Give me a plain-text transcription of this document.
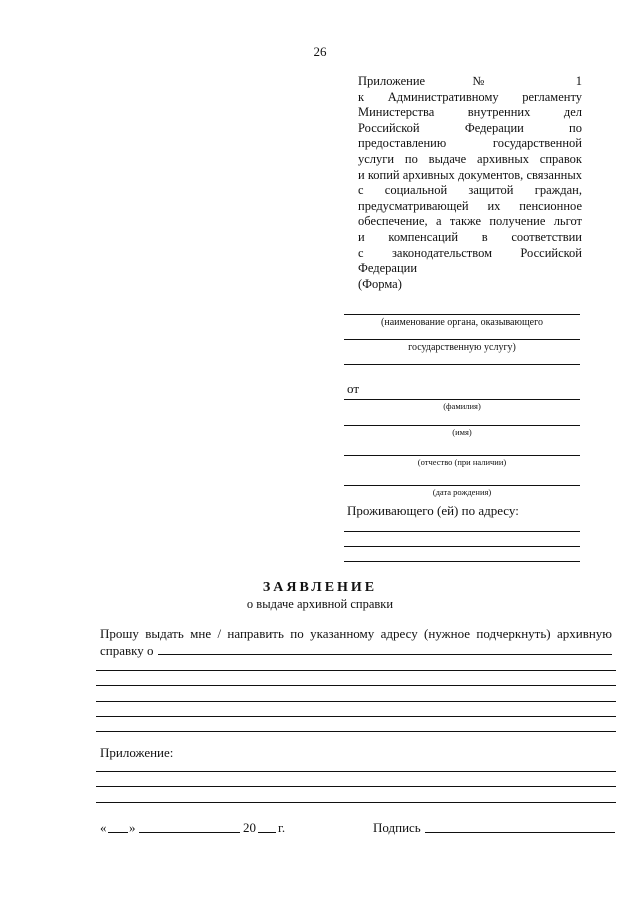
26
Приложение № 1
к Административному регламенту
Министерства внутренних дел
Российской Федерации по
предоставлению государственной
услуги по выдаче архивных справок
и копий архивных документов, связанных
с социальной защитой граждан,
предусматривающей их пенсионное
обеспечение, а также получение льгот
и компенсаций в соответствии
с законодательством Российской
Федерации
(Форма)
(наименование органа, оказывающего
государственную услугу)
от
(фамилия)
(имя)
(отчество (при наличии)
(дата рождения)
Проживающего (ей) по адресу:
ЗАЯВЛЕНИЕ
о выдаче архивной справки
Прошу выдать мне / направить по указанному адресу (нужное подчеркнуть) архивную
справку о
Приложение:
« »	20 г.	Подпись
